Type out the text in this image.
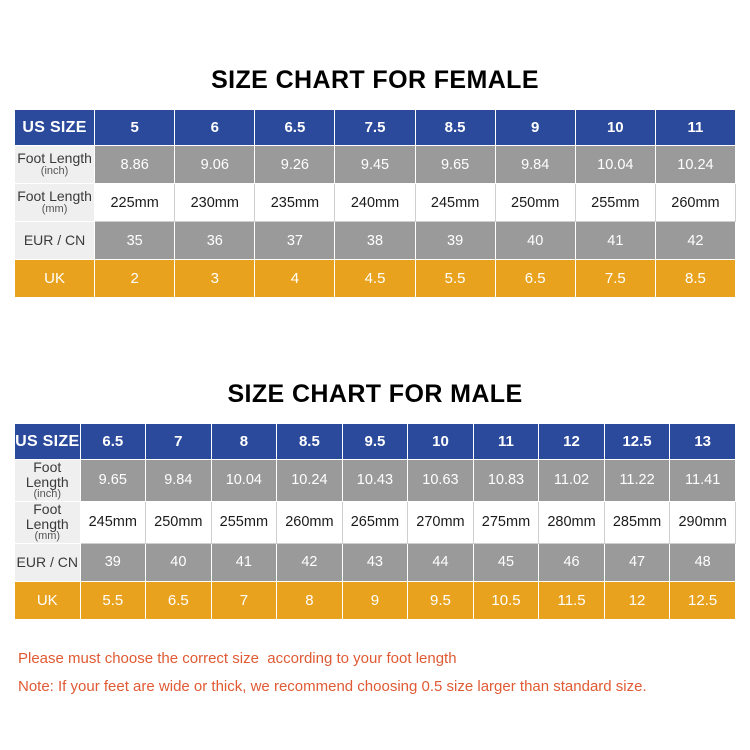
SIZE CHART FOR FEMALE
US SIZE	5	6	6.5	7.5	8.5	9	10	11
Foot Length
(inch)	8.86	9.06	9.26	9.45	9.65	9.84	10.04	10.24
Foot Length
(mm)	225mm	230mm	235mm	240mm	245mm	250mm	255mm	260mm
EUR / CN	35	36	37	38	39	40	41	42
UK	2	3	4	4.5	5.5	6.5	7.5	8.5
SIZE CHART FOR MALE
US SIZE	6.5	7	8	8.5	9.5	10	11	12	12.5	13
Foot Length
(inch)	9.65	9.84	10.04	10.24	10.43	10.63	10.83	11.02	11.22	11.41
Foot Length
(mm)	245mm	250mm	255mm	260mm	265mm	270mm	275mm	280mm	285mm	290mm
EUR / CN	39	40	41	42	43	44	45	46	47	48
UK	5.5	6.5	7	8	9	9.5	10.5	11.5	12	12.5
Please must choose the correct size  according to your foot length
Note: If your feet are wide or thick, we recommend choosing 0.5 size larger than standard size.
